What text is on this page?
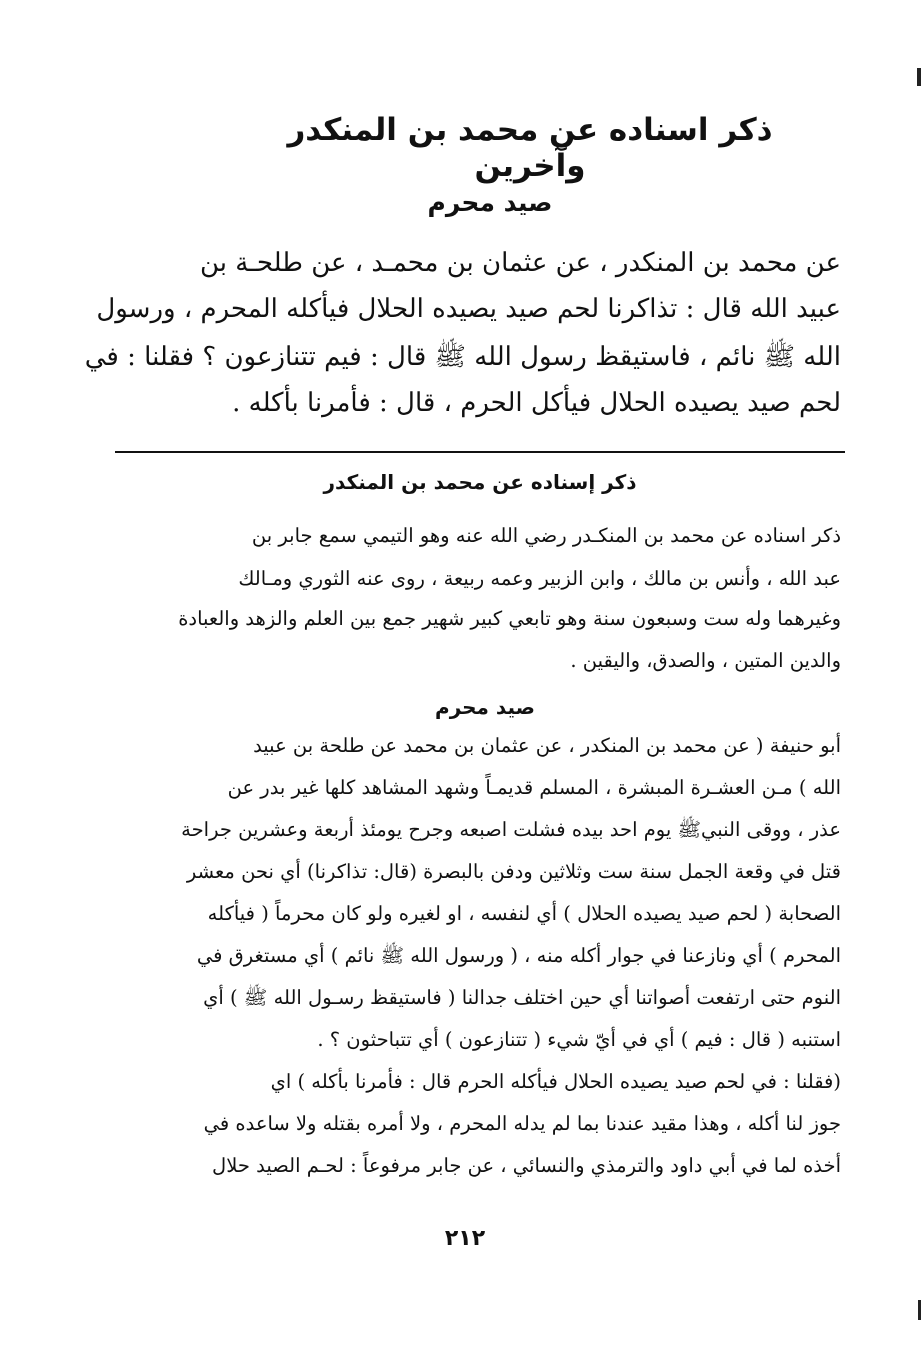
ذكر اسناده عن محمد بن المنكدر وآخرين
صيد محرم
عن محمد بن المنكدر ، عن عثمان بن محمـد ، عن طلحـة بن
عبيد الله قال : تذاكرنا لحم صيد يصيده الحلال فيأكله المحرم ، ورسول
الله ﷺ نائم ، فاستيقظ رسول الله ﷺ قال : فيم تتنازعون ؟ فقلنا : في
لحم صيد يصيده الحلال فيأكل الحرم ، قال : فأمرنا بأكله .
ذكر إسناده عن محمد بن المنكدر
ذكر اسناده عن محمد بن المنكـدر رضي الله عنه وهو التيمي سمع جابر بن
عبد الله ، وأنس بن مالك ، وابن الزبير وعمه ربيعة ، روى عنه الثوري ومـالك
وغيرهما وله ست وسبعون سنة وهو تابعي كبير شهير جمع بين العلم والزهد والعبادة
والدين المتين ، والصدق، واليقين .
صيد محرم
أبو حنيفة ( عن محمد بن المنكدر ، عن عثمان بن محمد عن طلحة بن عبيد
الله ) مـن العشـرة المبشرة ، المسلم قديمـاً وشهد المشاهد كلها غير بدر عن
عذر ، ووقى النبيﷺ يوم احد بيده فشلت اصبعه وجرح يومئذ أربعة وعشرين جراحة
قتل في وقعة الجمل سنة ست وثلاثين ودفن بالبصرة (قال: تذاكرنا) أي نحن معشر
الصحابة ( لحم صيد يصيده الحلال ) أي لنفسه ، او لغيره ولو كان محرماً ( فيأكله
المحرم ) أي ونازعنا في جوار أكله منه ، ( ورسول الله ﷺ نائم ) أي مستغرق في
النوم حتى ارتفعت أصواتنا أي حين اختلف جدالنا ( فاستيقظ رسـول الله ﷺ ) أي
استنبه ( قال : فيم ) أي في أيّ شيء ( تتنازعون ) أي تتباحثون ؟ .
(فقلنا : في لحم صيد يصيده الحلال فيأكله الحرم قال : فأمرنا بأكله ) اي
جوز لنا أكله ، وهذا مقيد عندنا بما لم يدله المحرم ، ولا أمره بقتله ولا ساعده في
أخذه لما في أبي داود والترمذي والنسائي ، عن جابر مرفوعاً : لحـم الصيد حلال
٢١٢
